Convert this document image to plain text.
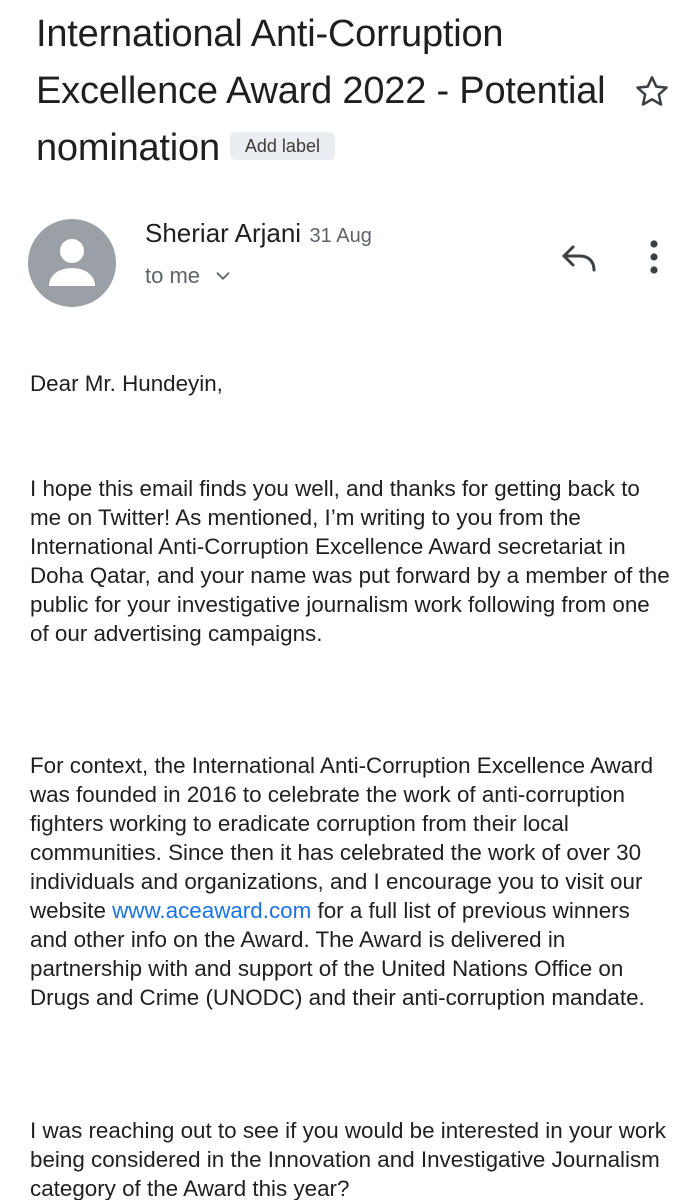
International Anti-Corruption Excellence Award 2022 - Potential nomination Add label
Sheriar Arjani 31 Aug
to me
Dear Mr. Hundeyin,
I hope this email finds you well, and thanks for getting back to me on Twitter! As mentioned, I’m writing to you from the International Anti-Corruption Excellence Award secretariat in Doha Qatar, and your name was put forward by a member of the public for your investigative journalism work following from one of our advertising campaigns.
For context, the International Anti-Corruption Excellence Award was founded in 2016 to celebrate the work of anti-corruption fighters working to eradicate corruption from their local communities. Since then it has celebrated the work of over 30 individuals and organizations, and I encourage you to visit our website www.aceaward.com for a full list of previous winners and other info on the Award. The Award is delivered in partnership with and support of the United Nations Office on Drugs and Crime (UNODC) and their anti-corruption mandate.
I was reaching out to see if you would be interested in your work being considered in the Innovation and Investigative Journalism category of the Award this year?
